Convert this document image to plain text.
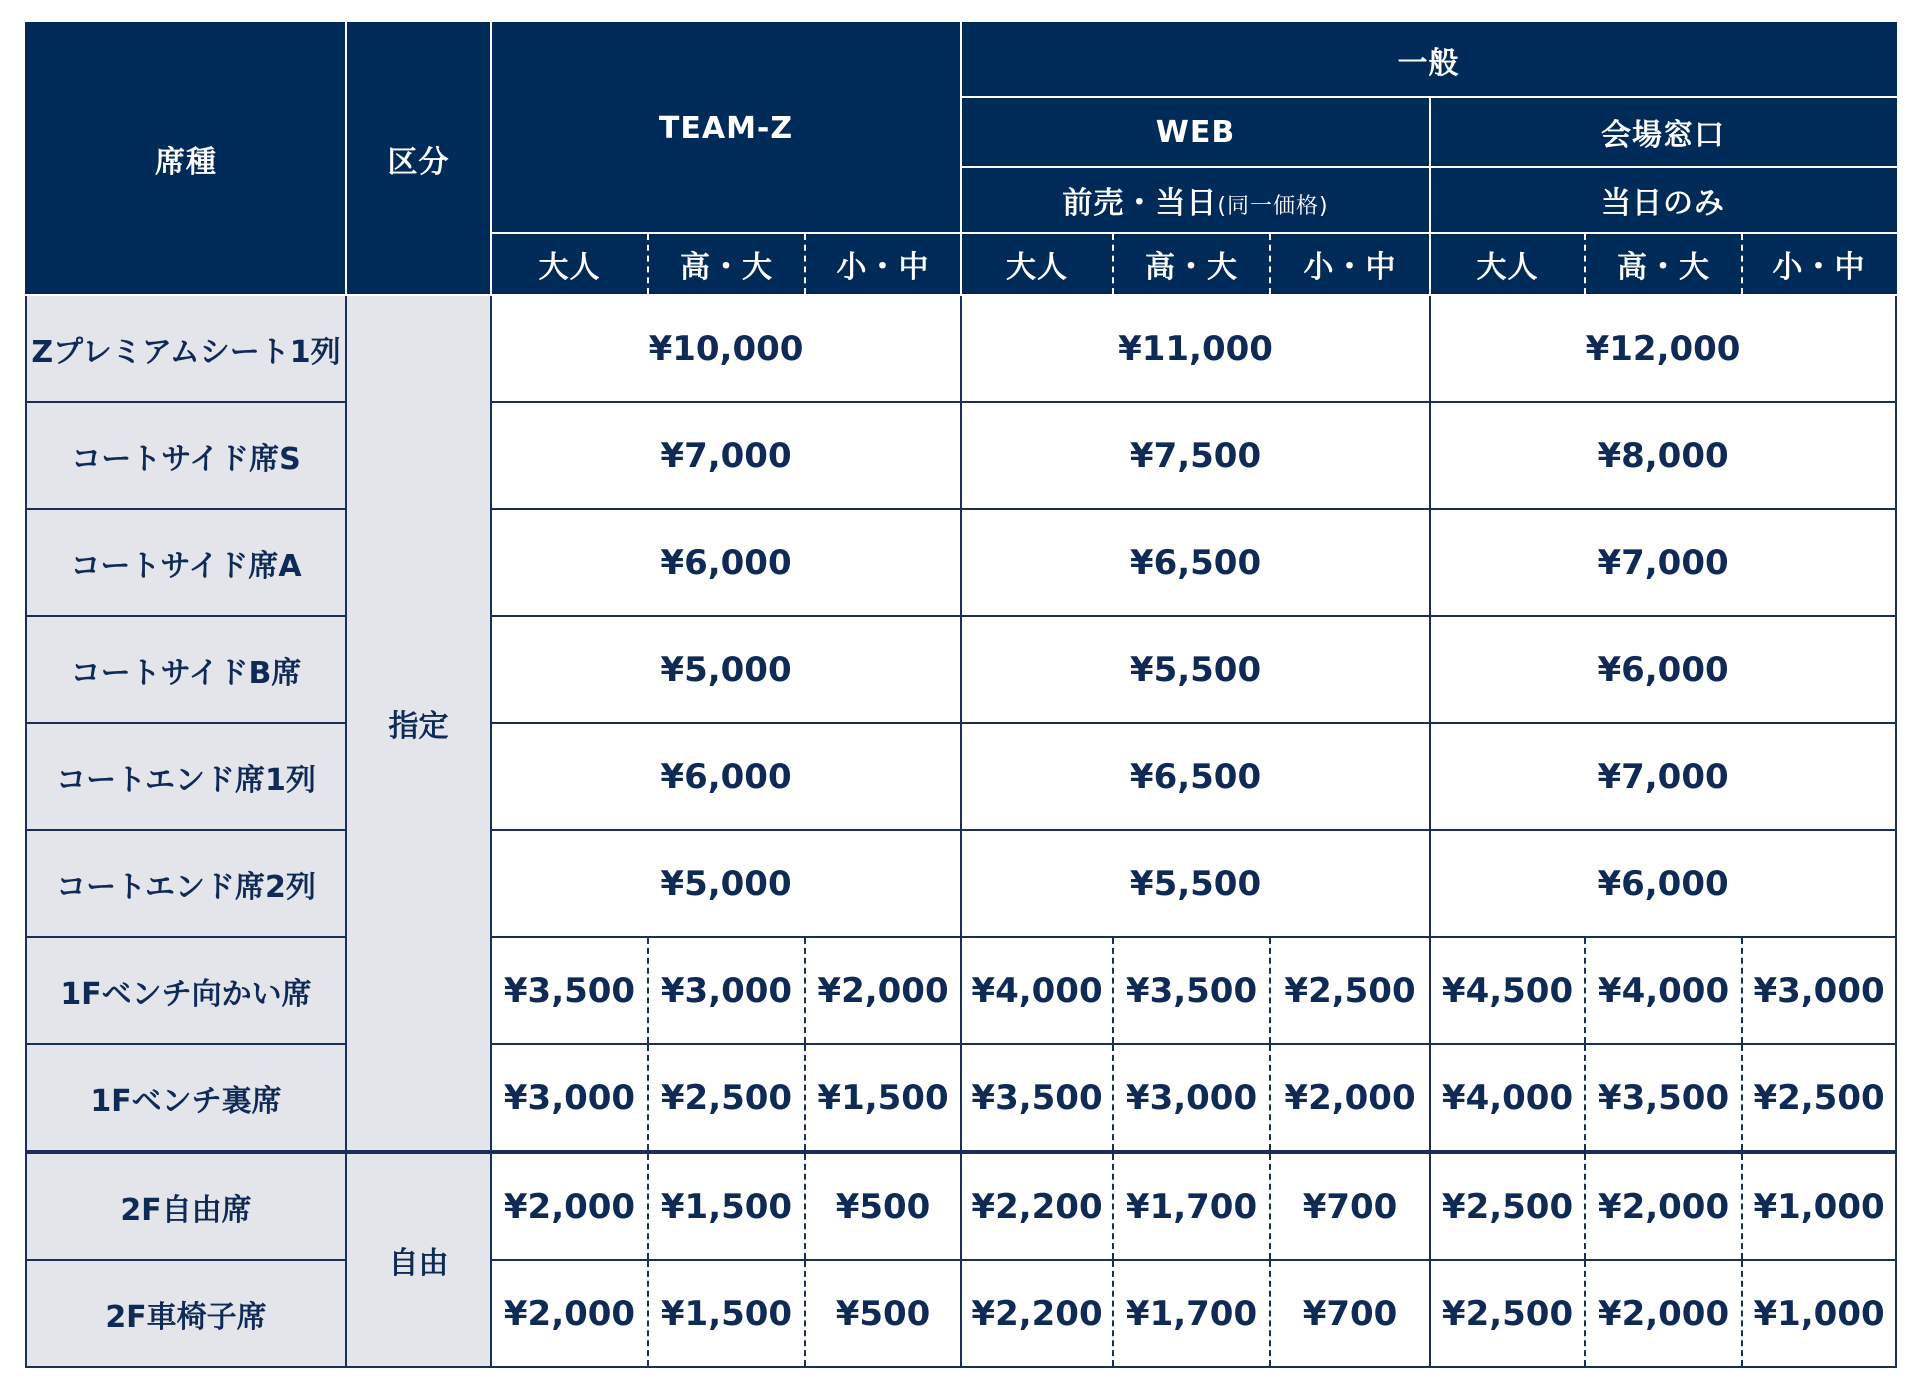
席種	区分	TEAM-Z			一般					
					WEB			会場窓口		
					前売・当日(同一価格)			当日のみ		
		大人	高・大	小・中	大人	高・大	小・中	大人	高・大	小・中
Zプレミアムシート1列	指定	¥10,000			¥11,000			¥12,000		
コートサイド席S		¥7,000			¥7,500			¥8,000		
コートサイド席A		¥6,000			¥6,500			¥7,000		
コートサイドB席		¥5,000			¥5,500			¥6,000		
コートエンド席1列		¥6,000			¥6,500			¥7,000		
コートエンド席2列		¥5,000			¥5,500			¥6,000		
1Fベンチ向かい席		¥3,500	¥3,000	¥2,000	¥4,000	¥3,500	¥2,500	¥4,500	¥4,000	¥3,000
1Fベンチ裏席		¥3,000	¥2,500	¥1,500	¥3,500	¥3,000	¥2,000	¥4,000	¥3,500	¥2,500
2F自由席	自由	¥2,000	¥1,500	¥500	¥2,200	¥1,700	¥700	¥2,500	¥2,000	¥1,000
2F車椅子席		¥2,000	¥1,500	¥500	¥2,200	¥1,700	¥700	¥2,500	¥2,000	¥1,000
